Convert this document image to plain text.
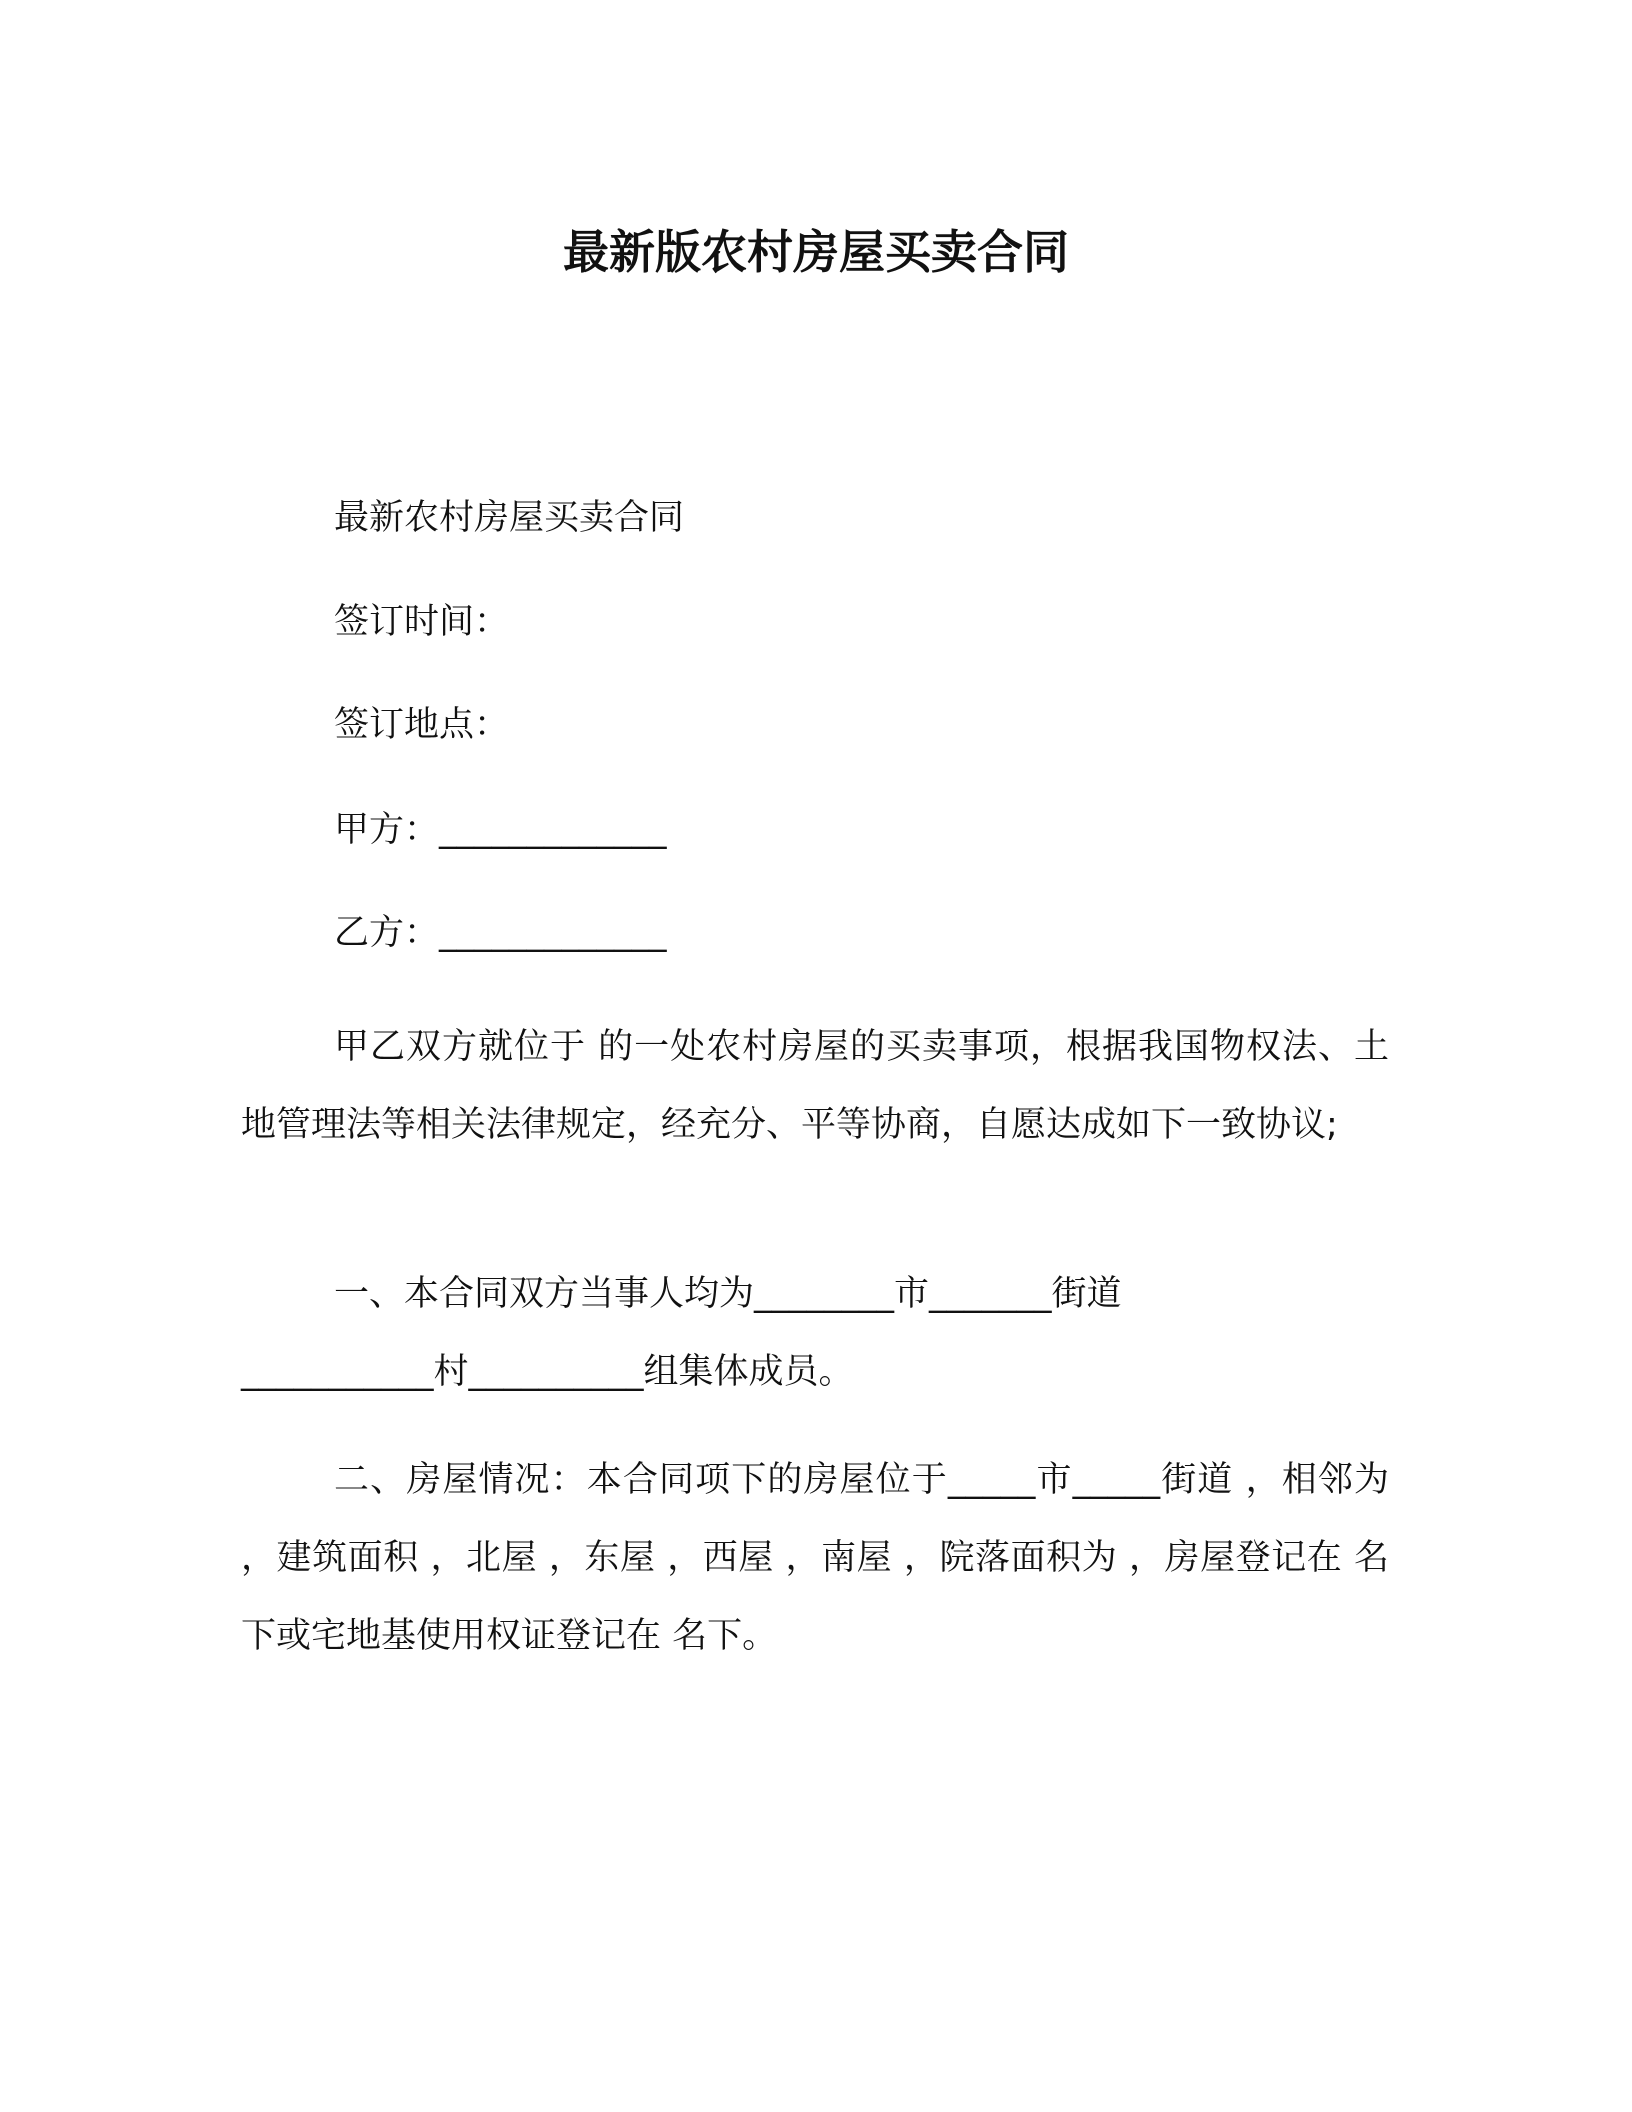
最新版农村房屋买卖合同

最新农村房屋买卖合同

签订时间：

签订地点：

甲方：_____________

乙方：_____________

甲乙双方就位于 的一处农村房屋的买卖事项，根据我国物权法、土地管理法等相关法律规定，经充分、平等协商，自愿达成如下一致协议;

一、本合同双方当事人均为________市_______街道

___________村__________组集体成员。

二、房屋情况：本合同项下的房屋位于_____市_____街道 ，相邻为 ，建筑面积 ，北屋 ，东屋 ，西屋 ，南屋 ，院落面积为 ，房屋登记在 名下或宅地基使用权证登记在 名下。
